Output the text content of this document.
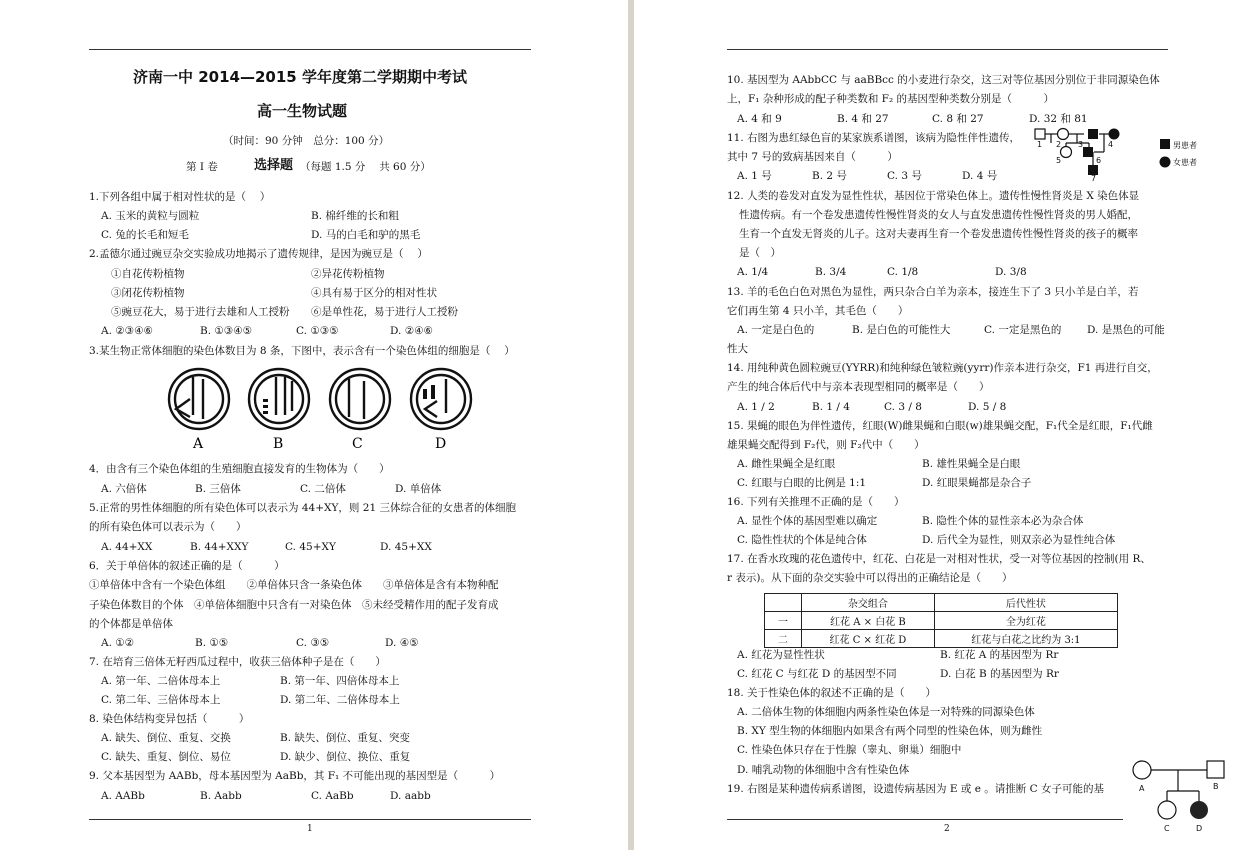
济南一中 2014—2015 学年度第二学期期中考试
高一生物试题
（时间：90 分钟　总分：100 分）
第 I 卷	选择题 （每题 1.5 分　 共 60 分）
1.下列各组中属于相对性状的是（　 ）
A. 玉米的黄粒与圆粒	B. 棉纤维的长和粗
C. 兔的长毛和短毛	D. 马的白毛和驴的黑毛
2.孟德尔通过豌豆杂交实验成功地揭示了遗传规律，是因为豌豆是（　 ）
①自花传粉植物	②异花传粉植物
③闭花传粉植物	④具有易于区分的相对性状
⑤豌豆花大，易于进行去雄和人工授粉 ⑥是单性花，易于进行人工授粉
A. ②③④⑥	B. ①③④⑤	C. ①③⑤	D. ②④⑥
3.某生物正常体细胞的染色体数目为 8 条，下图中，表示含有一个染色体组的细胞是（　 ）
A	B	C	D
4．由含有三个染色体组的生殖细胞直接发育的生物体为（　　）
A. 六倍体	B. 三倍体	C. 二倍体	D. 单倍体
5.正常的男性体细胞的所有染色体可以表示为 44+XY，则 21 三体综合征的女患者的体细胞
的所有染色体可以表示为（　　）
A. 44+XX	B. 44+XXY	C. 45+XY	D. 45+XX
6．关于单倍体的叙述正确的是（　　　）
①单倍体中含有一个染色体组　　②单倍体只含一条染色体　　③单倍体是含有本物种配
子染色体数目的个体　④单倍体细胞中只含有一对染色体　⑤未经受精作用的配子发育成
的个体都是单倍体
A. ①②	B. ①⑤	C. ③⑤	D. ④⑤
7. 在培育三倍体无籽西瓜过程中，收获三倍体种子是在（　　）
A. 第一年、二倍体母本上	B. 第一年、四倍体母本上
C. 第二年、三倍体母本上	D. 第二年、二倍体母本上
8. 染色体结构变异包括（　　　）
A. 缺失、倒位、重复、交换	B. 缺失、倒位、重复、突变
C. 缺失、重复、倒位、易位	D. 缺少、倒位、换位、重复
9. 父本基因型为 AABb，母本基因型为 AaBb，其 F₁ 不可能出现的基因型是（　　　）
A. AABb	B. Aabb	C. AaBb	D. aabb
1
10. 基因型为 AAbbCC 与 aaBBcc 的小麦进行杂交，这三对等位基因分别位于非同源染色体
上，F₁ 杂种形成的配子种类数和 F₂ 的基因型种类数分别是（　　　）
A. 4 和 9	B. 4 和 27	C. 8 和 27	D. 32 和 81
11. 右图为患红绿色盲的某家族系谱图，该病为隐性伴性遗传，
其中 7 号的致病基因来自（　　　）
A. 1 号	B. 2 号	C. 3 号	D. 4 号
1 2 3	4
5	6
7
男患者
女患者
12. 人类的卷发对直发为显性性状，基因位于常染色体上。遗传性慢性肾炎是 X 染色体显
性遗传病。有一个卷发患遗传性慢性肾炎的女人与直发患遗传性慢性肾炎的男人婚配，
生育一个直发无肾炎的儿子。这对夫妻再生育一个卷发患遗传性慢性肾炎的孩子的概率
是（　）
A. 1/4	B. 3/4	C. 1/8	D. 3/8
13. 羊的毛色白色对黑色为显性，两只杂合白羊为亲本，接连生下了 3 只小羊是白羊，若
它们再生第 4 只小羊，其毛色（　　）
A. 一定是白色的	B. 是白色的可能性大	C. 一定是黑色的 D. 是黑色的可能
性大
14. 用纯种黄色圆粒豌豆(YYRR)和纯种绿色皱粒豌(yyrr)作亲本进行杂交，F1 再进行自交，
产生的纯合体后代中与亲本表现型相同的概率是（　　）
A. 1 / 2	B. 1 / 4	C. 3 / 8	D. 5 / 8
15. 果蝇的眼色为伴性遗传，红眼(W)雌果蝇和白眼(w)雄果蝇交配，F₁代全是红眼，F₁代雌
雄果蝇交配得到 F₂代，则 F₂代中（　　）
A. 雌性果蝇全是红眼	B. 雄性果蝇全是白眼
C. 红眼与白眼的比例是 1:1	D. 红眼果蝇都是杂合子
16. 下列有关推理不正确的是（　　）
A. 显性个体的基因型难以确定	B. 隐性个体的显性亲本必为杂合体
C. 隐性性状的个体是纯合体	D. 后代全为显性，则双亲必为显性纯合体
17. 在香水玫瑰的花色遗传中，红花、白花是一对相对性状，受一对等位基因的控制(用 R、
r 表示)。从下面的杂交实验中可以得出的正确结论是（　　）
	杂交组合	后代性状
一	红花 A × 白花 B	全为红花
二	红花 C × 红花 D	红花与白花之比约为 3:1
A. 红花为显性性状	B. 红花 A 的基因型为 Rr
C. 红花 C 与红花 D 的基因型不同	D. 白花 B 的基因型为 Rr
18. 关于性染色体的叙述不正确的是（　　）
A. 二倍体生物的体细胞内两条性染色体是一对特殊的同源染色体
B. XY 型生物的体细胞内如果含有两个同型的性染色体，则为雌性
C. 性染色体只存在于性腺（睾丸、卵巢）细胞中
D. 哺乳动物的体细胞中含有性染色体
19. 右图是某种遗传病系谱图，设遗传病基因为 E 或 e 。请推断 C 女子可能的基	A	B
C	D
2
